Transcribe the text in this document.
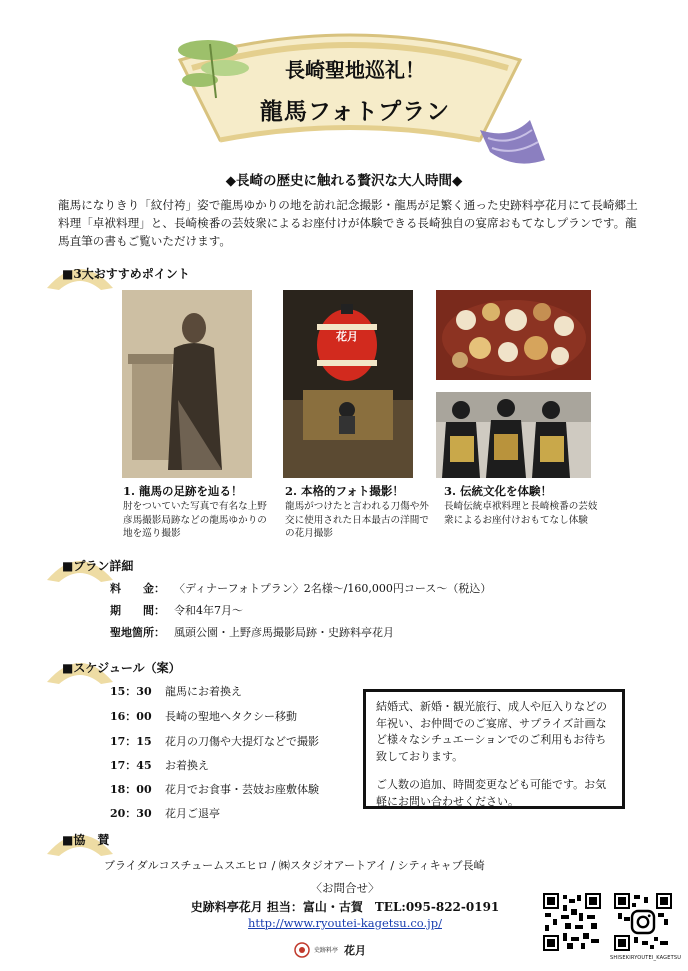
長崎聖地巡礼！
龍馬フォトプラン
◆長崎の歴史に触れる贅沢な大人時間◆
龍馬になりきり「紋付袴」姿で龍馬ゆかりの地を訪れ記念撮影・龍馬が足繁く通った史跡料亭花月にて長崎郷土料理「卓袱料理」と、長崎検番の芸妓衆によるお座付けが体験できる長崎独自の宴席おもてなしプランです。龍馬直筆の書もご覧いただけます。
■3大おすすめポイント
花月
1. 龍馬の足跡を辿る！
肘をついていた写真で有名な上野彦馬撮影局跡などの龍馬ゆかりの地を巡り撮影
2. 本格的フォト撮影！
龍馬がつけたと言われる刀傷や外交に使用された日本最古の洋間での花月撮影
3. 伝統文化を体験！
長崎伝統卓袱料理と長崎検番の芸妓衆によるお座付けおもてなし体験
■プラン詳細
料　　金： 〈ディナーフォトプラン〉2名様～/160,000円コース～（税込）
期　　間： 令和4年7月～
聖地箇所： 風頭公園・上野彦馬撮影局跡・史跡料亭花月
■スケジュール（案）
15：30	龍馬にお着換え
16：00	長崎の聖地へタクシー移動
17：15	花月の刀傷や大提灯などで撮影
17：45	お着換え
18：00	花月でお食事・芸妓お座敷体験
20：30	花月ご退亭

結婚式、新婚・観光旅行、成人や厄入りなどの年祝い、お仲間でのご宴席、サプライズ計画など様々なシチュエーションでのご利用もお待ち致しております。

ご人数の追加、時間変更なども可能です。お気軽にお問い合わせください。

■協　賛
ブライダルコスチュームスエヒロ / ㈱スタジオアートアイ / シティキャブ長崎
〈お問合せ〉
史跡料亭花月 担当：富山・古賀　TEL:095-822-0191
http://www.ryoutei-kagetsu.co.jp/
史跡料亭 花月
SHISEKIRYOUTEI_KAGETSU
